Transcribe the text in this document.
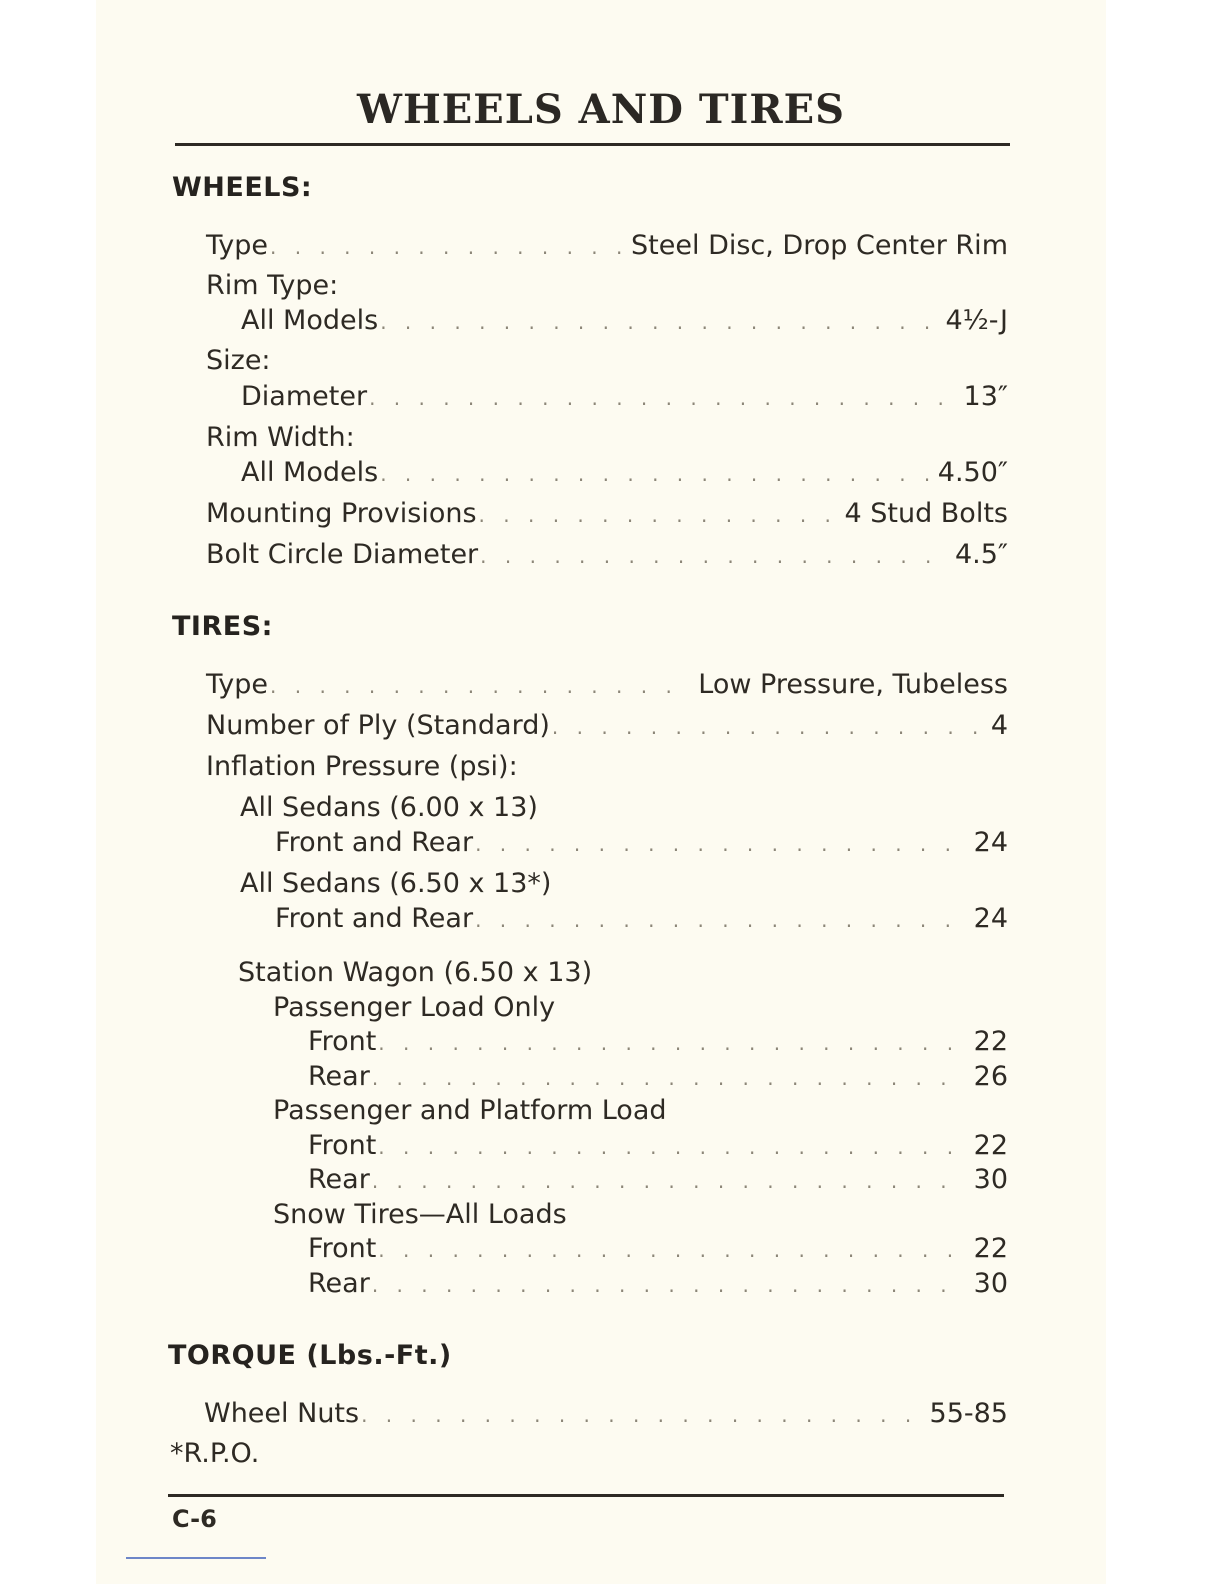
WHEELS AND TIRES
WHEELS:
Type . . .	Steel Disc, Drop Center Rim
Rim Type:
All Models . . .	4½-J
Size:
Diameter . . .	13″
Rim Width:
All Models . . .	4.50″
Mounting Provisions . . .	4 Stud Bolts
Bolt Circle Diameter . . .	4.5″
TIRES:
Type . . .	Low Pressure, Tubeless
Number of Ply (Standard) . . .	4
Inflation Pressure (psi):
All Sedans (6.00 x 13)
Front and Rear . . .	24
All Sedans (6.50 x 13*)
Front and Rear . . .	24
Station Wagon (6.50 x 13)
Passenger Load Only
Front . . .	22
Rear . . .	26
Passenger and Platform Load
Front . . .	22
Rear . . .	30
Snow Tires—All Loads
Front . . .	22
Rear . . .	30
TORQUE (Lbs.-Ft.)
Wheel Nuts . . .	55-85
*R.P.O.
C-6
